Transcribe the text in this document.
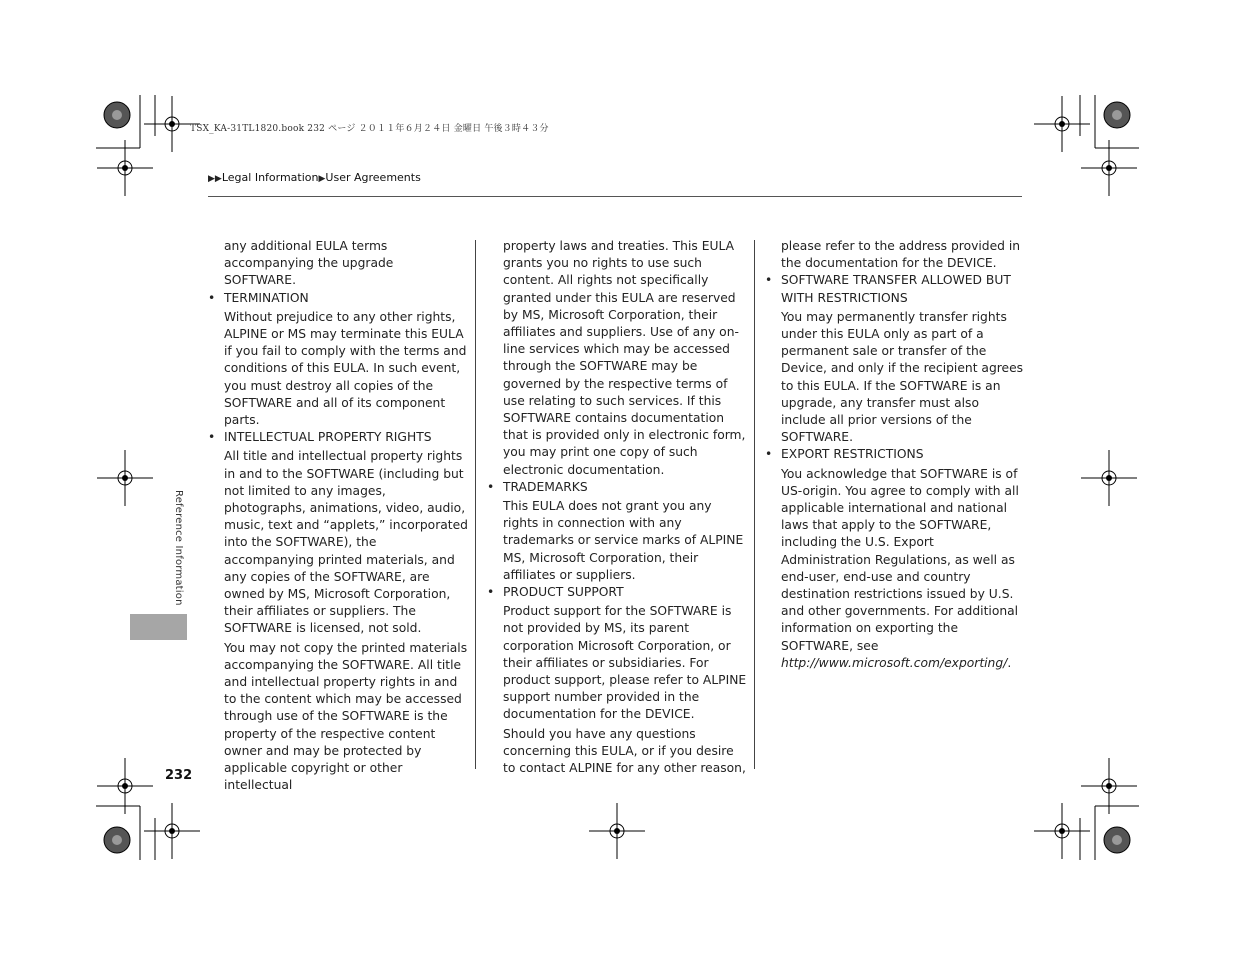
TSX_KA-31TL1820.book 232 ページ ２０１１年６月２４日 金曜日 午後３時４３分
▶▶Legal Information▶User Agreements

any additional EULA terms accompanying the upgrade SOFTWARE.

• TERMINATION

Without prejudice to any other rights, ALPINE or MS may terminate this EULA if you fail to comply with the terms and conditions of this EULA. In such event, you must destroy all copies of the SOFTWARE and all of its component parts.

• INTELLECTUAL PROPERTY RIGHTS

All title and intellectual property rights in and to the SOFTWARE (including but not limited to any images, photographs, animations, video, audio, music, text and “applets,” incorporated into the SOFTWARE), the accompanying printed materials, and any copies of the SOFTWARE, are owned by MS, Microsoft Corporation, their affiliates or suppliers. The SOFTWARE is licensed, not sold.

You may not copy the printed materials accompanying the SOFTWARE. All title and intellectual property rights in and to the content which may be accessed through use of the SOFTWARE is the property of the respective content owner and may be protected by applicable copyright or other intellectual

property laws and treaties. This EULA grants you no rights to use such content. All rights not specifically granted under this EULA are reserved by MS, Microsoft Corporation, their affiliates and suppliers. Use of any on-line services which may be accessed through the SOFTWARE may be governed by the respective terms of use relating to such services. If this SOFTWARE contains documentation that is provided only in electronic form, you may print one copy of such electronic documentation.

• TRADEMARKS

This EULA does not grant you any rights in connection with any trademarks or service marks of ALPINE MS, Microsoft Corporation, their affiliates or suppliers.

• PRODUCT SUPPORT

Product support for the SOFTWARE is not provided by MS, its parent corporation Microsoft Corporation, or their affiliates or subsidiaries. For product support, please refer to ALPINE support number provided in the documentation for the DEVICE.

Should you have any questions concerning this EULA, or if you desire to contact ALPINE for any other reason,

please refer to the address provided in the documentation for the DEVICE.

• SOFTWARE TRANSFER ALLOWED BUT WITH RESTRICTIONS

You may permanently transfer rights under this EULA only as part of a permanent sale or transfer of the Device, and only if the recipient agrees to this EULA. If the SOFTWARE is an upgrade, any transfer must also include all prior versions of the SOFTWARE.

• EXPORT RESTRICTIONS

You acknowledge that SOFTWARE is of US-origin. You agree to comply with all applicable international and national laws that apply to the SOFTWARE, including the U.S. Export Administration Regulations, as well as end-user, end-use and country destination restrictions issued by U.S. and other governments. For additional information on exporting the SOFTWARE, see http://www.microsoft.com/exporting/.

Reference Information
232
